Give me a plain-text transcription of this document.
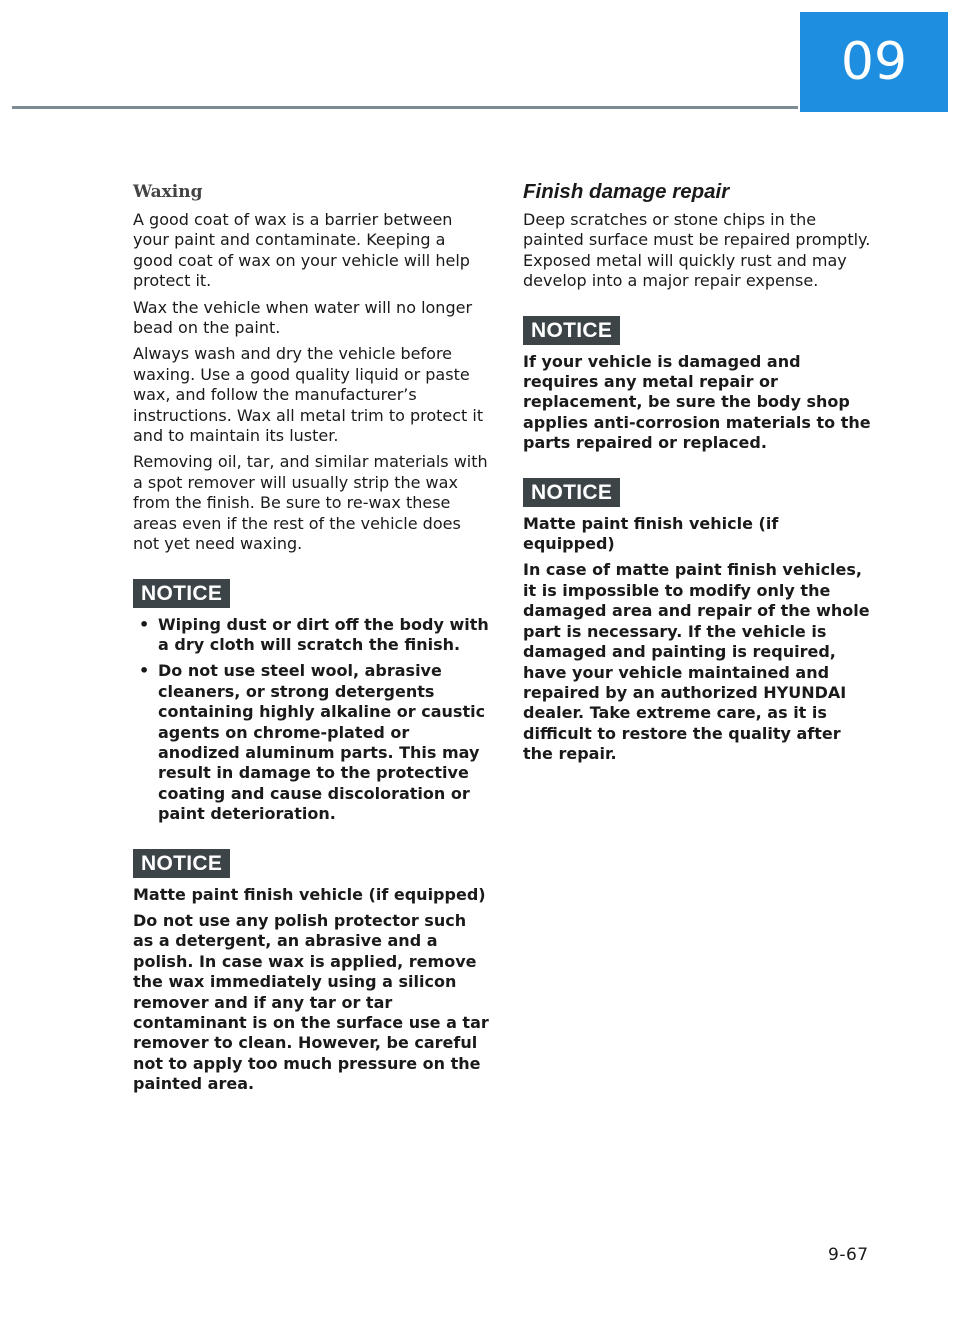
09
Waxing

A good coat of wax is a barrier between your paint and contaminate. Keeping a good coat of wax on your vehicle will help protect it.

Wax the vehicle when water will no longer bead on the paint.

Always wash and dry the vehicle before waxing. Use a good quality liquid or paste wax, and follow the manufacturer’s instructions. Wax all metal trim to protect it and to maintain its luster.

Removing oil, tar, and similar materials with a spot remover will usually strip the wax from the finish. Be sure to re-wax these areas even if the rest of the vehicle does not yet need waxing.

NOTICE
• Wiping dust or dirt off the body with a dry cloth will scratch the finish.
• Do not use steel wool, abrasive cleaners, or strong detergents containing highly alkaline or caustic agents on chrome-plated or anodized aluminum parts. This may result in damage to the protective coating and cause discoloration or paint deterioration.
NOTICE

Matte paint finish vehicle (if equipped)

Do not use any polish protector such as a detergent, an abrasive and a polish. In case wax is applied, remove the wax immediately using a silicon remover and if any tar or tar contaminant is on the surface use a tar remover to clean. However, be careful not to apply too much pressure on the painted area.

Finish damage repair

Deep scratches or stone chips in the painted surface must be repaired promptly. Exposed metal will quickly rust and may develop into a major repair expense.

NOTICE

If your vehicle is damaged and requires any metal repair or replacement, be sure the body shop applies anti-corrosion materials to the parts repaired or replaced.

NOTICE

Matte paint finish vehicle (if equipped)

In case of matte paint finish vehicles, it is impossible to modify only the damaged area and repair of the whole part is necessary. If the vehicle is damaged and painting is required, have your vehicle maintained and repaired by an authorized HYUNDAI dealer. Take extreme care, as it is difficult to restore the quality after the repair.

9-67
